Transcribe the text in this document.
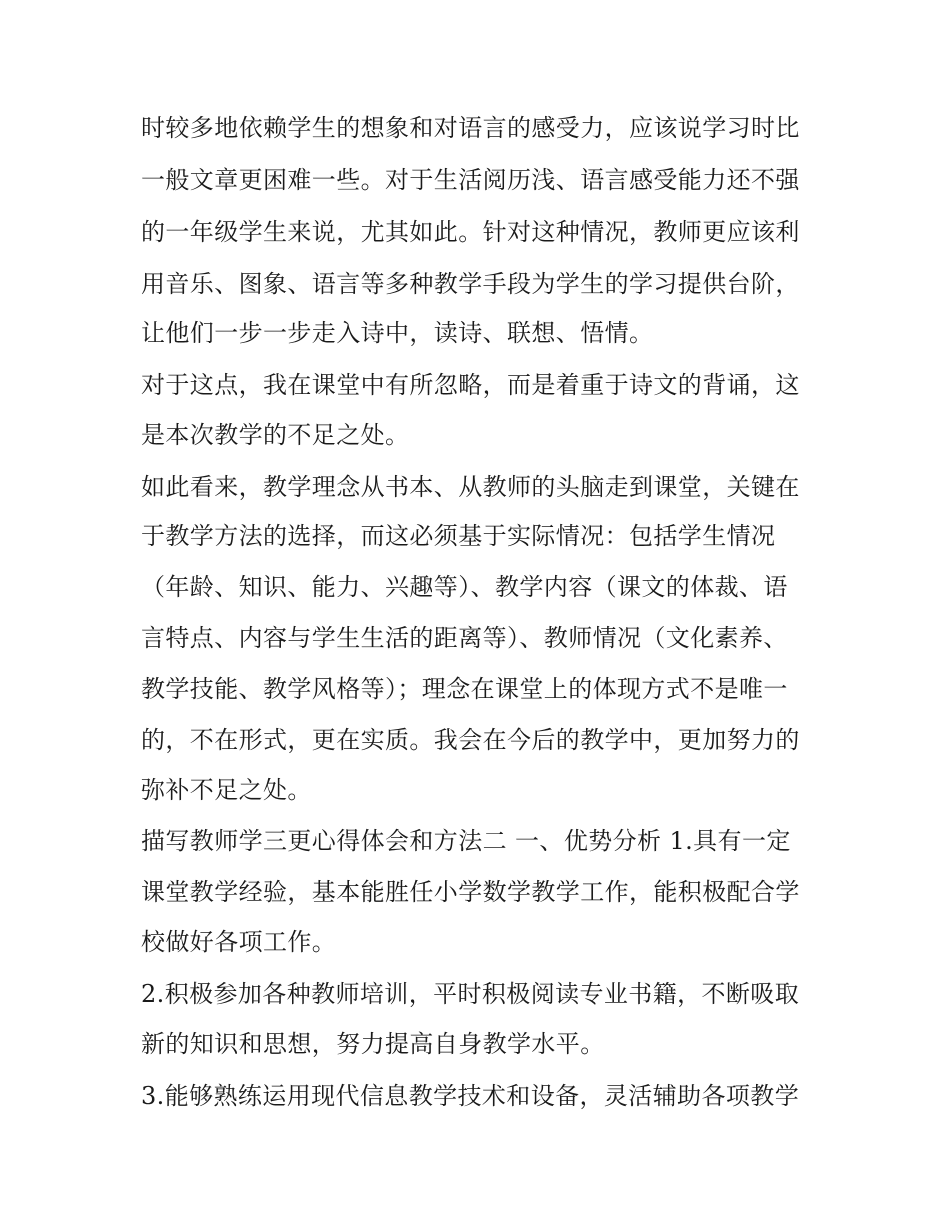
时较多地依赖学生的想象和对语言的感受力，应该说学习时比
一般文章更困难一些。对于生活阅历浅、语言感受能力还不强
的一年级学生来说，尤其如此。针对这种情况，教师更应该利
用音乐、图象、语言等多种教学手段为学生的学习提供台阶，
让他们一步一步走入诗中，读诗、联想、悟情。
对于这点，我在课堂中有所忽略，而是着重于诗文的背诵，这
是本次教学的不足之处。
如此看来，教学理念从书本、从教师的头脑走到课堂，关键在
于教学方法的选择，而这必须基于实际情况：包括学生情况
（年龄、知识、能力、兴趣等）、教学内容（课文的体裁、语
言特点、内容与学生生活的距离等）、教师情况（文化素养、
教学技能、教学风格等）；理念在课堂上的体现方式不是唯一
的，不在形式，更在实质。我会在今后的教学中，更加努力的
弥补不足之处。
描写教师学三更心得体会和方法二 一、优势分析 1.具有一定
课堂教学经验，基本能胜任小学数学教学工作，能积极配合学
校做好各项工作。
2.积极参加各种教师培训，平时积极阅读专业书籍，不断吸取
新的知识和思想，努力提高自身教学水平。
3.能够熟练运用现代信息教学技术和设备，灵活辅助各项教学
